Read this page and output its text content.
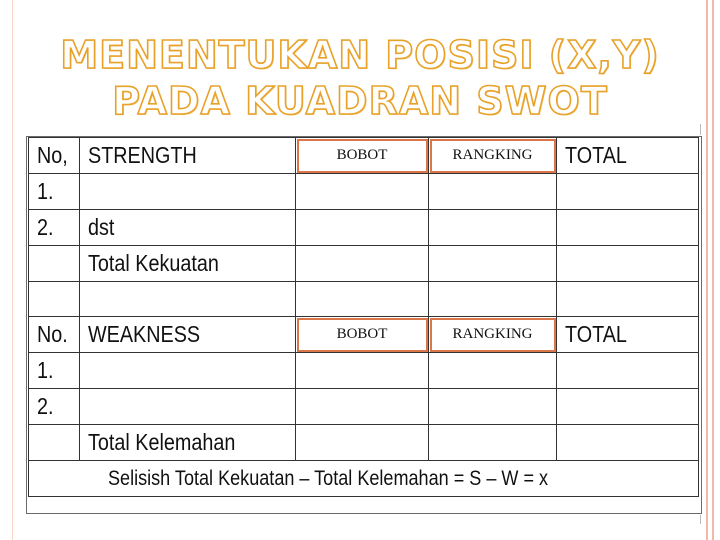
MENENTUKAN POSISI (X,Y)
PADA KUADRAN SWOT
No,	STRENGTH	BOBOT	RANGKING	TOTAL
1.				
2.	dst			
	Total Kekuatan			

No.	WEAKNESS	BOBOT	RANGKING	TOTAL
1.				
2.				
	Total Kelemahan			
Selisish Total Kekuatan – Total Kelemahan = S – W = x				
